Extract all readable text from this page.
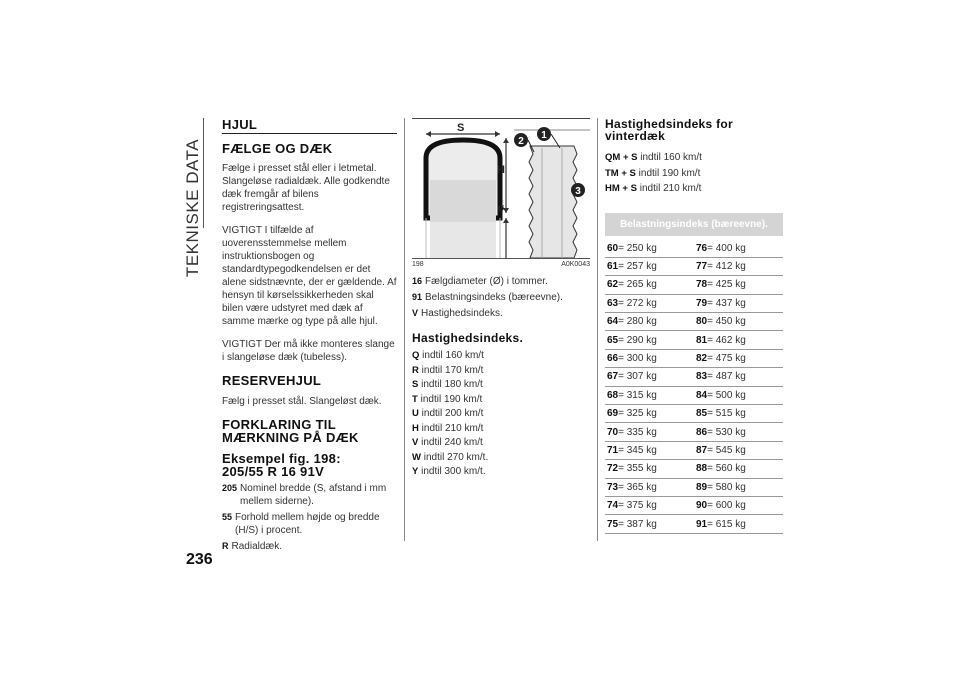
TEKNISKE DATA
236
HJUL
FÆLGE OG DÆK

Fælge i presset stål eller i letmetal. Slangeløse radialdæk. Alle godkendte dæk fremgår af bilens registreringsattest.

VIGTIGT I tilfælde af uoverensstemmelse mellem instruktionsbogen og standardtypegodkendelsen er det alene sidstnævnte, der er gældende. Af hensyn til kørselssikkerheden skal bilen være udstyret med dæk af samme mærke og type på alle hjul.

VIGTIGT Der må ikke monteres slange i slangeløse dæk (tubeless).

RESERVEHJUL

Fælg i presset stål. Slangeløst dæk.

FORKLARING TIL
MÆRKNING PÅ DÆK
Eksempel fig. 198:
205/55 R 16 91V
205 Nominel bredde (S, afstand i mm mellem siderne).
55 Forhold mellem højde og bredde (H/S) i procent.
R Radialdæk.
S
H
ø
2
1
3
198	A0K0043
16 Fælgdiameter (Ø) i tommer.
91 Belastningsindeks (bæreevne).
V Hastighedsindeks.
Hastighedsindeks.
Q indtil 160 km/t
R indtil 170 km/t
S indtil 180 km/t
T indtil 190 km/t
U indtil 200 km/t
H indtil 210 km/t
V indtil 240 km/t
W indtil 270 km/t.
Y indtil 300 km/t.
Hastighedsindeks for
vinterdæk
QM + S indtil 160 km/t
TM + S indtil 190 km/t
HM + S indtil 210 km/t
Belastningsindeks (bæreevne).
60= 250 kg	76= 400 kg
61= 257 kg	77= 412 kg
62= 265 kg	78= 425 kg
63= 272 kg	79= 437 kg
64= 280 kg	80= 450 kg
65= 290 kg	81= 462 kg
66= 300 kg	82= 475 kg
67= 307 kg	83= 487 kg
68= 315 kg	84= 500 kg
69= 325 kg	85= 515 kg
70= 335 kg	86= 530 kg
71= 345 kg	87= 545 kg
72= 355 kg	88= 560 kg
73= 365 kg	89= 580 kg
74= 375 kg	90= 600 kg
75= 387 kg	91= 615 kg
